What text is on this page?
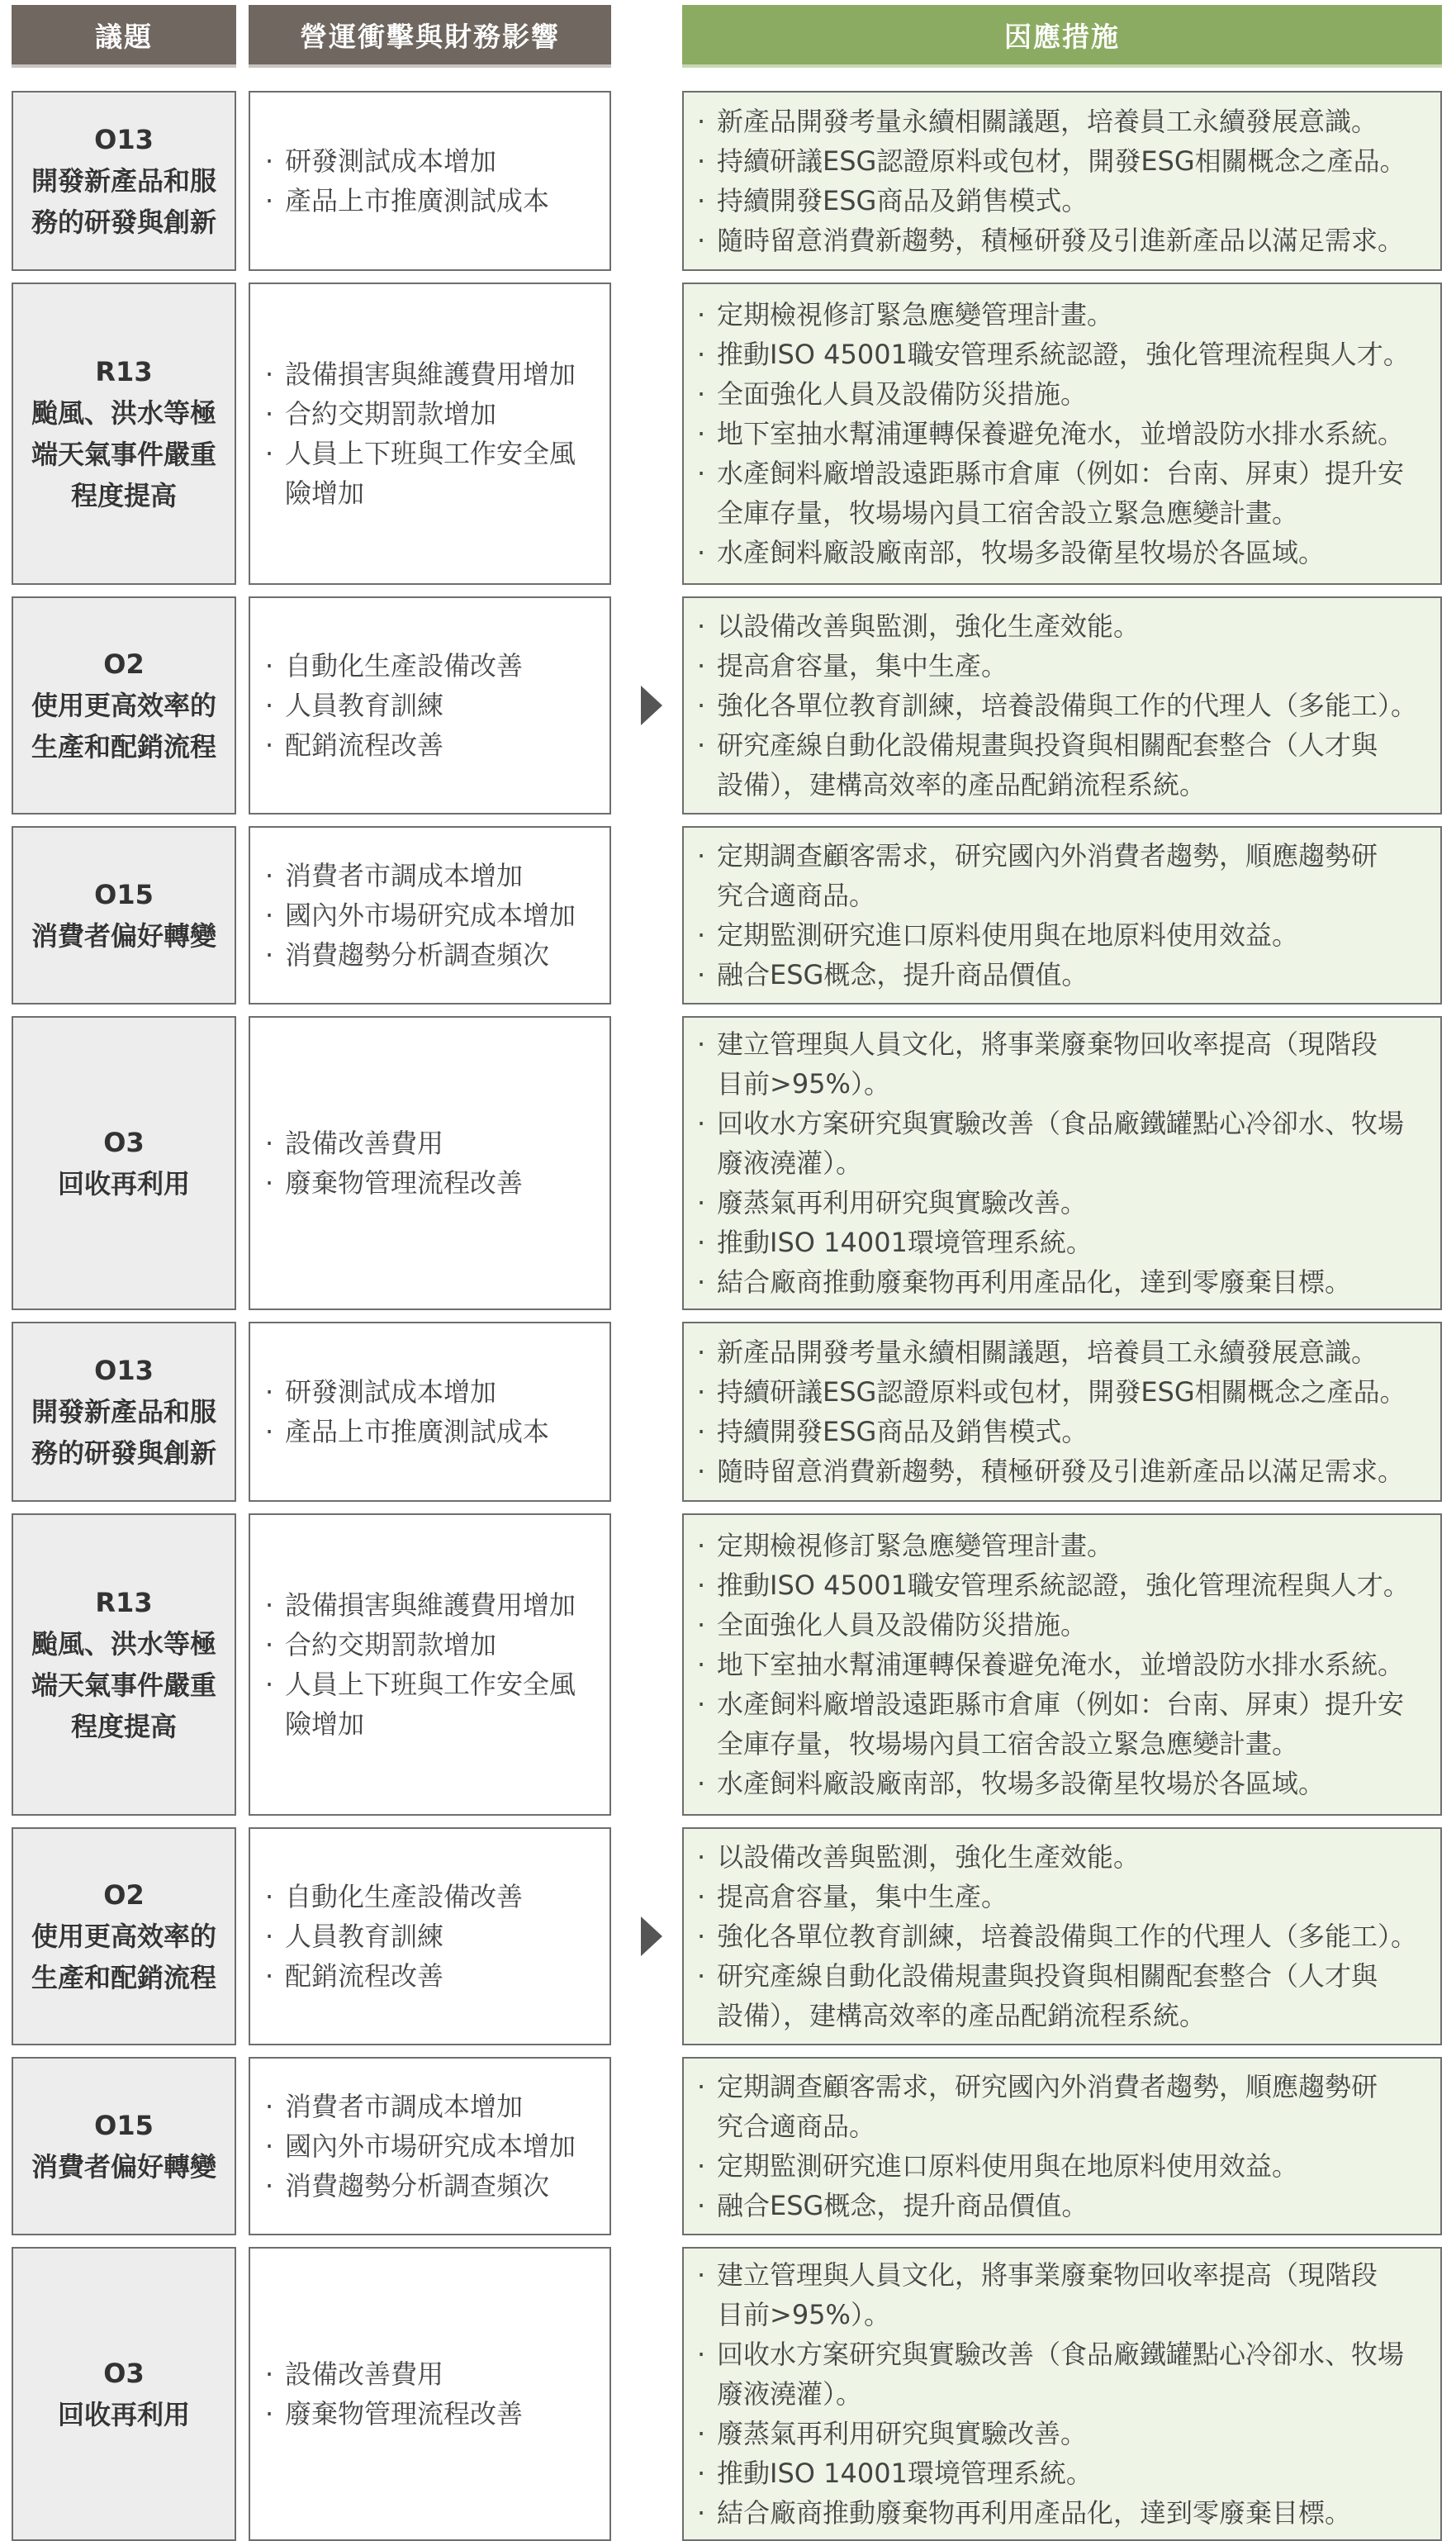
議題	營運衝擊與財務影響	因應措施
O13
開發新產品和服
務的研發與創新
· 研發測試成本增加
· 產品上市推廣測試成本
· 新產品開發考量永續相關議題，培養員工永續發展意識。
· 持續研議ESG認證原料或包材，開發ESG相關概念之產品。
· 持續開發ESG商品及銷售模式。
· 隨時留意消費新趨勢，積極研發及引進新產品以滿足需求。
R13
颱風、洪水等極
端天氣事件嚴重
程度提高
· 設備損害與維護費用增加
· 合約交期罰款增加
· 人員上下班與工作安全風
險增加
· 定期檢視修訂緊急應變管理計畫。
· 推動ISO 45001職安管理系統認證，強化管理流程與人才。
· 全面強化人員及設備防災措施。
· 地下室抽水幫浦運轉保養避免淹水，並增設防水排水系統。
· 水產飼料廠增設遠距縣市倉庫（例如：台南、屏東）提升安
全庫存量，牧場場內員工宿舍設立緊急應變計畫。
· 水產飼料廠設廠南部，牧場多設衛星牧場於各區域。
O2
使用更高效率的
生產和配銷流程
· 自動化生產設備改善
· 人員教育訓練
· 配銷流程改善
· 以設備改善與監測，強化生產效能。
· 提高倉容量，集中生產。
· 強化各單位教育訓練，培養設備與工作的代理人（多能工）。
· 研究產線自動化設備規畫與投資與相關配套整合（人才與
設備），建構高效率的產品配銷流程系統。
O15
消費者偏好轉變
· 消費者市調成本增加
· 國內外市場研究成本增加
· 消費趨勢分析調查頻次
· 定期調查顧客需求，研究國內外消費者趨勢，順應趨勢研
究合適商品。
· 定期監測研究進口原料使用與在地原料使用效益。
· 融合ESG概念，提升商品價值。
O3
回收再利用
· 設備改善費用
· 廢棄物管理流程改善
· 建立管理與人員文化，將事業廢棄物回收率提高（現階段
目前>95%）。
· 回收水方案研究與實驗改善（食品廠鐵罐點心冷卻水、牧場
廢液澆灌）。
· 廢蒸氣再利用研究與實驗改善。
· 推動ISO 14001環境管理系統。
· 結合廠商推動廢棄物再利用產品化，達到零廢棄目標。
O13
開發新產品和服
務的研發與創新
· 研發測試成本增加
· 產品上市推廣測試成本
· 新產品開發考量永續相關議題，培養員工永續發展意識。
· 持續研議ESG認證原料或包材，開發ESG相關概念之產品。
· 持續開發ESG商品及銷售模式。
· 隨時留意消費新趨勢，積極研發及引進新產品以滿足需求。
R13
颱風、洪水等極
端天氣事件嚴重
程度提高
· 設備損害與維護費用增加
· 合約交期罰款增加
· 人員上下班與工作安全風
險增加
· 定期檢視修訂緊急應變管理計畫。
· 推動ISO 45001職安管理系統認證，強化管理流程與人才。
· 全面強化人員及設備防災措施。
· 地下室抽水幫浦運轉保養避免淹水，並增設防水排水系統。
· 水產飼料廠增設遠距縣市倉庫（例如：台南、屏東）提升安
全庫存量，牧場場內員工宿舍設立緊急應變計畫。
· 水產飼料廠設廠南部，牧場多設衛星牧場於各區域。
O2
使用更高效率的
生產和配銷流程
· 自動化生產設備改善
· 人員教育訓練
· 配銷流程改善
· 以設備改善與監測，強化生產效能。
· 提高倉容量，集中生產。
· 強化各單位教育訓練，培養設備與工作的代理人（多能工）。
· 研究產線自動化設備規畫與投資與相關配套整合（人才與
設備），建構高效率的產品配銷流程系統。
O15
消費者偏好轉變
· 消費者市調成本增加
· 國內外市場研究成本增加
· 消費趨勢分析調查頻次
· 定期調查顧客需求，研究國內外消費者趨勢，順應趨勢研
究合適商品。
· 定期監測研究進口原料使用與在地原料使用效益。
· 融合ESG概念，提升商品價值。
O3
回收再利用
· 設備改善費用
· 廢棄物管理流程改善
· 建立管理與人員文化，將事業廢棄物回收率提高（現階段
目前>95%）。
· 回收水方案研究與實驗改善（食品廠鐵罐點心冷卻水、牧場
廢液澆灌）。
· 廢蒸氣再利用研究與實驗改善。
· 推動ISO 14001環境管理系統。
· 結合廠商推動廢棄物再利用產品化，達到零廢棄目標。
